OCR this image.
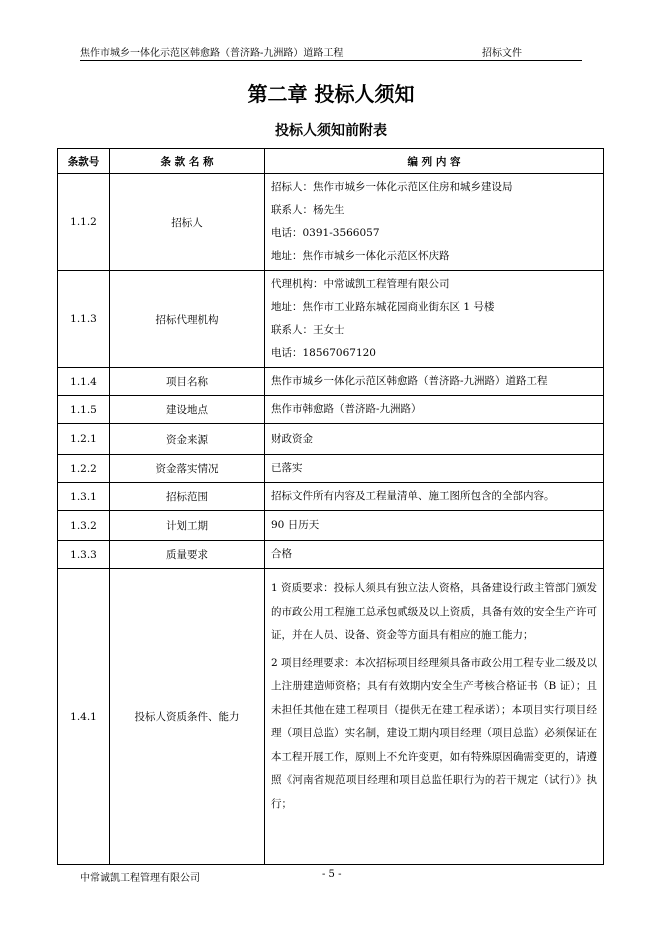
焦作市城乡一体化示范区韩愈路（普济路-九洲路）道路工程	招标文件
第二章 投标人须知
投标人须知前附表
条款号	条 款 名 称	编 列 内 容
1.1.2	招标人	招标人：焦作市城乡一体化示范区住房和城乡建设局
联系人：杨先生
电话：0391-3566057
地址：焦作市城乡一体化示范区怀庆路

1.1.3	招标代理机构	代理机构：中常诚凯工程管理有限公司
地址：焦作市工业路东城花园商业街东区 1 号楼
联系人：王女士
电话：18567067120

1.1.4	项目名称	焦作市城乡一体化示范区韩愈路（普济路-九洲路）道路工程

1.1.5	建设地点	焦作市韩愈路（普济路-九洲路）

1.2.1	资金来源	财政资金

1.2.2	资金落实情况	已落实

1.3.1	招标范围	招标文件所有内容及工程量清单、施工图所包含的全部内容。

1.3.2	计划工期	90 日历天

1.3.3	质量要求	合格

1.4.1	投标人资质条件、能力	1 资质要求：投标人须具有独立法人资格，具备建设行政主管部门颁发的市政公用工程施工总承包贰级及以上资质，具备有效的安全生产许可证，并在人员、设备、资金等方面具有相应的施工能力；
2 项目经理要求：本次招标项目经理须具备市政公用工程专业二级及以上注册建造师资格；具有有效期内安全生产考核合格证书（B 证）；且未担任其他在建工程项目（提供无在建工程承诺）；本项目实行项目经理（项目总监）实名制，建设工期内项目经理（项目总监）必须保证在本工程开展工作，原则上不允许变更，如有特殊原因确需变更的，请遵照《河南省规范项目经理和项目总监任职行为的若干规定（试行）》执行；
中常诚凯工程管理有限公司	- 5 -
